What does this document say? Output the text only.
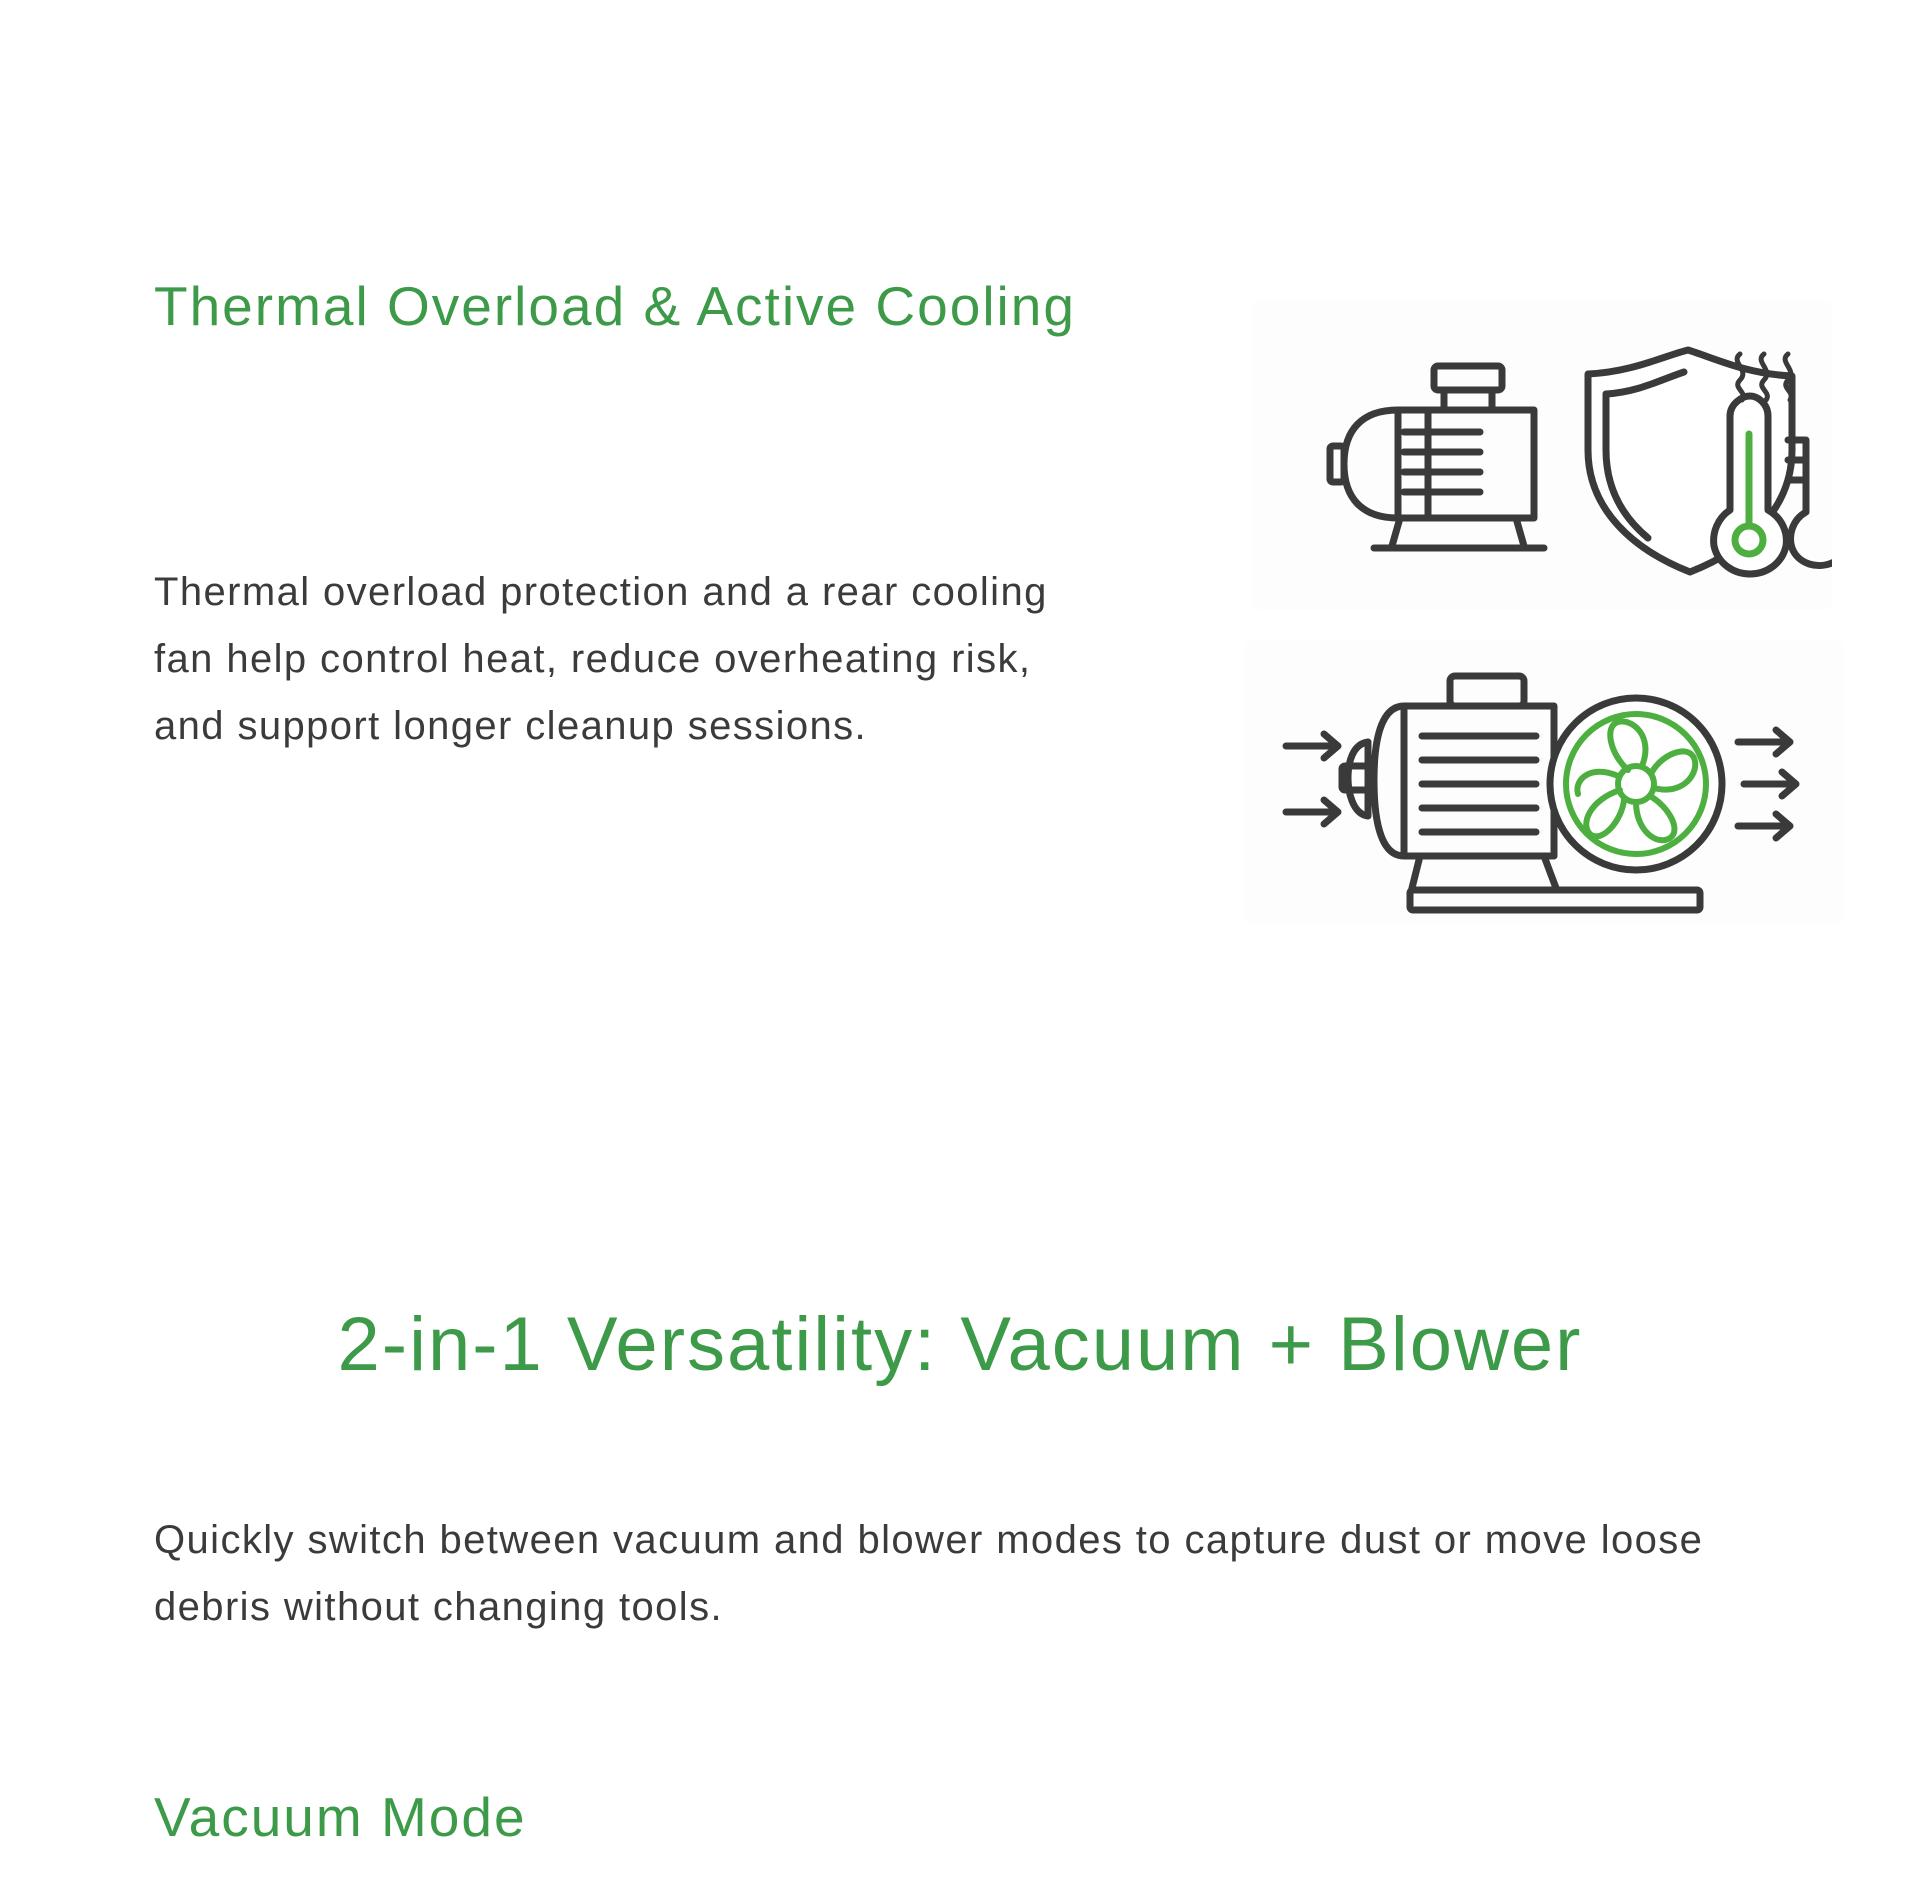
Thermal Overload & Active Cooling

Thermal overload protection and a rear cooling fan help control heat, reduce overheating risk, and support longer cleanup sessions.

2-in-1 Versatility: Vacuum + Blower

Quickly switch between vacuum and blower modes to capture dust or move loose debris without changing tools.

Vacuum Mode
